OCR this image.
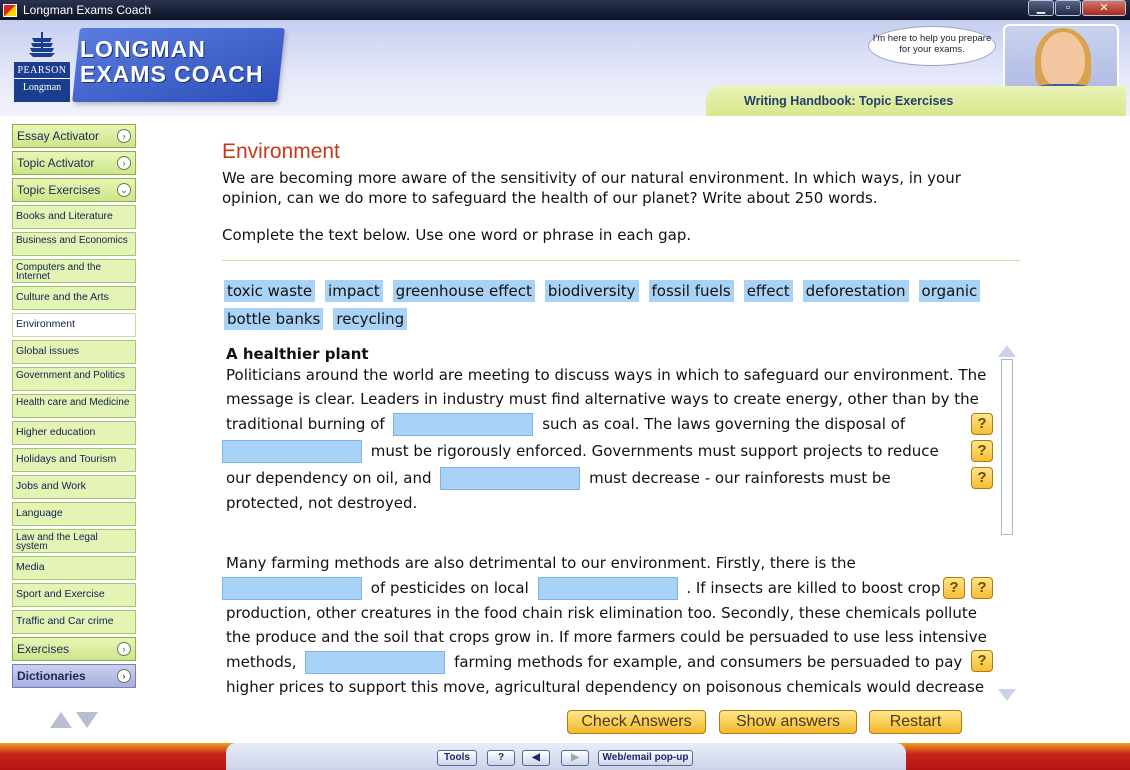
Longman Exams Coach	▁	▫	✕
PEARSON
Longman
LONGMAN
EXAMS COACH
I'm here to help you prepare for your exams.
Writing Handbook: Topic Exercises
Essay Activator	›
Topic Activator	›
Topic Exercises	⌄
Books and Literature
Business and Economics
Computers and the Internet
Culture and the Arts
Environment
Global issues
Government and Politics
Health care and Medicine
Higher education
Holidays and Tourism
Jobs and Work
Language
Law and the Legal system
Media
Sport and Exercise
Traffic and Car crime
Exercises	›
Dictionaries	›
Environment
We are becoming more aware of the sensitivity of our natural environment. In which ways, in your opinion, can we do more to safeguard the health of our planet? Write about 250 words.
Complete the text below. Use one word or phrase in each gap.
toxic waste impact greenhouse effect biodiversity fossil fuels effect deforestation organic
bottle banks recycling
A healthier plant
Politicians around the world are meeting to discuss ways in which to safeguard our environment. The
message is clear. Leaders in industry must find alternative ways to create energy, other than by the
traditional burning of	such as coal. The laws governing the disposal of
must be rigorously enforced. Governments must support projects to reduce
our dependency on oil, and	must decrease - our rainforests must be
protected, not destroyed.
Many farming methods are also detrimental to our environment. Firstly, there is the
of pesticides on local	. If insects are killed to boost crop
production, other creatures in the food chain risk elimination too. Secondly, these chemicals pollute
the produce and the soil that crops grow in. If more farmers could be persuaded to use less intensive
methods,	farming methods for example, and consumers be persuaded to pay
higher prices to support this move, agricultural dependency on poisonous chemicals would decrease
?
?
?
?	?
?
Check Answers	Show answers	Restart
Tools	?	◀	▶	Web/email pop-up
